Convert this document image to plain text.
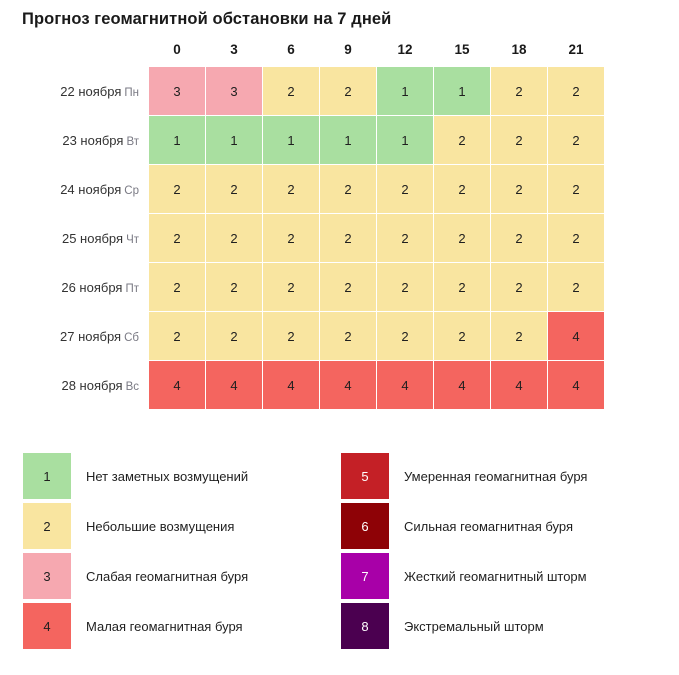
Прогноз геомагнитной обстановки на 7 дней
	0	3	6	9	12	15	18	21
22 ноября Пн	3	3	2	2	1	1	2	2
23 ноября Вт	1	1	1	1	1	2	2	2
24 ноября Ср	2	2	2	2	2	2	2	2
25 ноября Чт	2	2	2	2	2	2	2	2
26 ноября Пт	2	2	2	2	2	2	2	2
27 ноября Сб	2	2	2	2	2	2	2	4
28 ноября Вс	4	4	4	4	4	4	4	4
1	Нет заметных возмущений
2	Небольшие возмущения
3	Слабая геомагнитная буря
4	Малая геомагнитная буря
5	Умеренная геомагнитная буря
6	Сильная геомагнитная буря
7	Жесткий геомагнитный шторм
8	Экстремальный шторм
